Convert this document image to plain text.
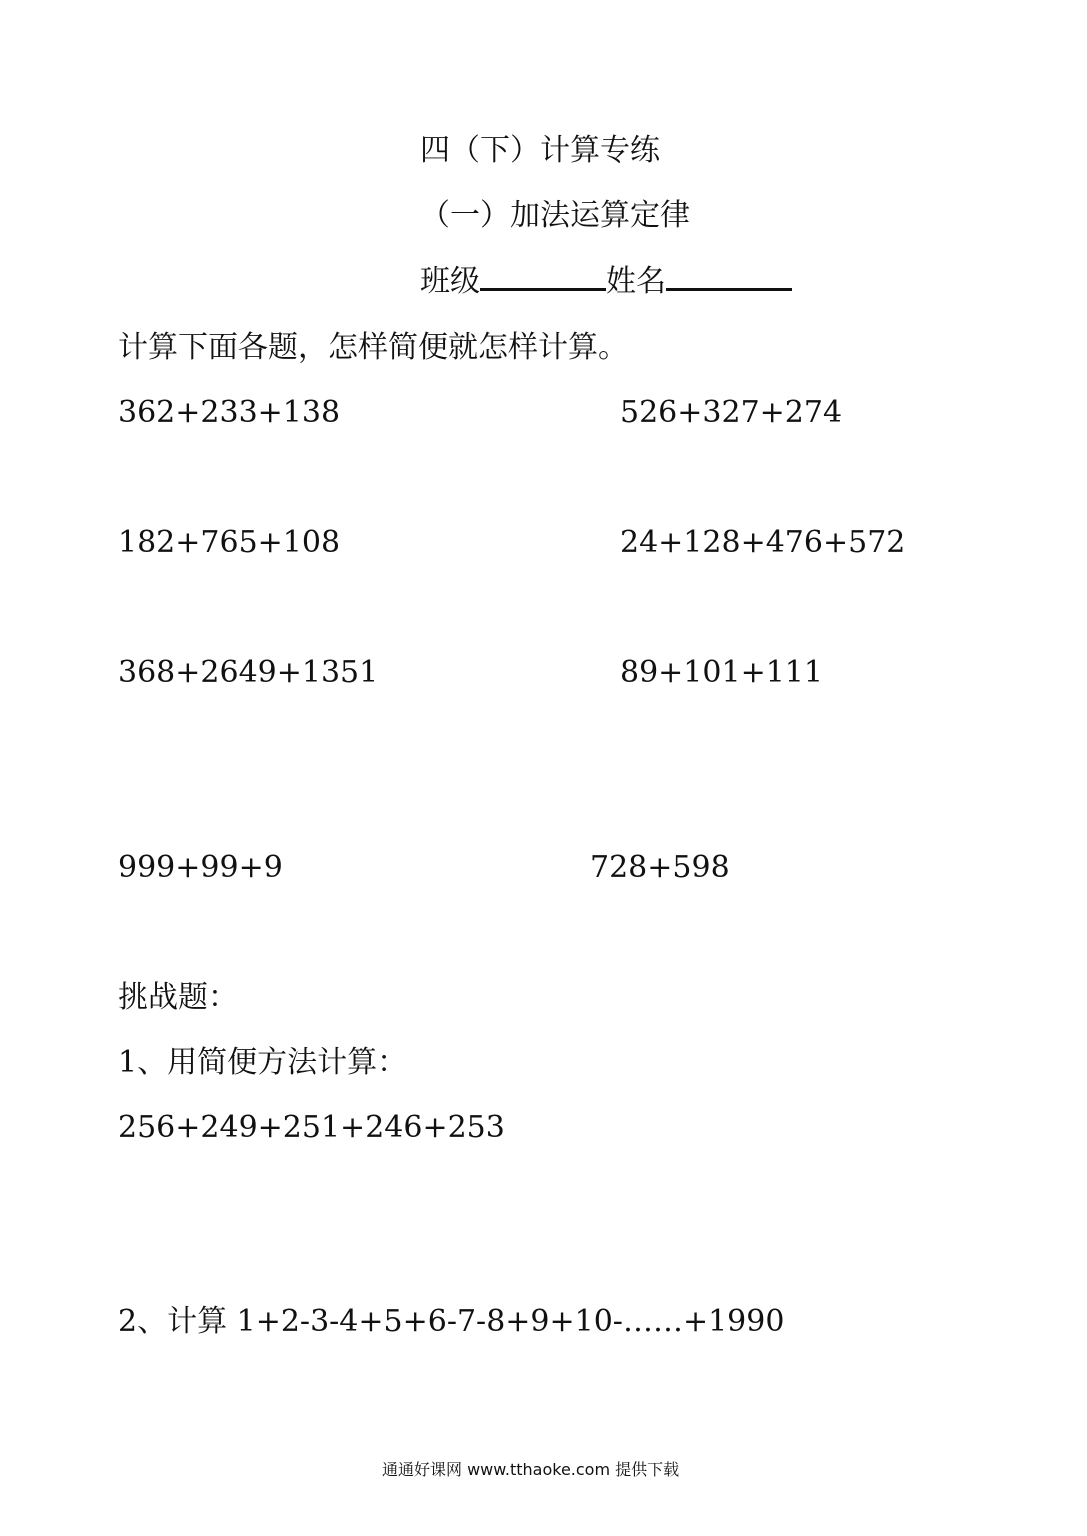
四（下）计算专练
（一）加法运算定律
班级	姓名
计算下面各题，怎样简便就怎样计算。
362+233+138	526+327+274
182+765+108	24+128+476+572
368+2649+1351	89+101+111
999+99+9	728+598
挑战题：
1、用简便方法计算：
256+249+251+246+253
2、计算 1+2-3-4+5+6-7-8+9+10-……+1990
通通好课网 www.tthaoke.com 提供下载
